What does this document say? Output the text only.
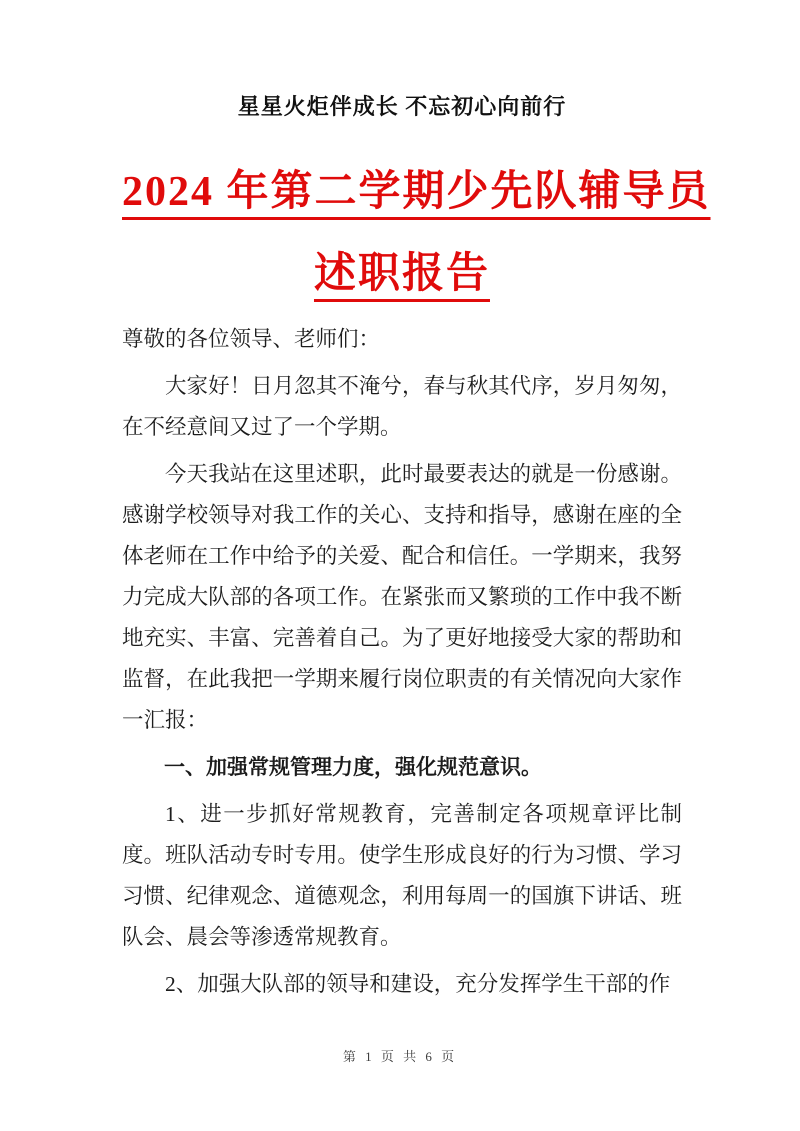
星星火炬伴成长 不忘初心向前行
2024 年第二学期少先队辅导员
述职报告

尊敬的各位领导、老师们：

大家好！日月忽其不淹兮，春与秋其代序，岁月匆匆，在不经意间又过了一个学期。

今天我站在这里述职，此时最要表达的就是一份感谢。感谢学校领导对我工作的关心、支持和指导，感谢在座的全体老师在工作中给予的关爱、配合和信任。一学期来，我努力完成大队部的各项工作。在紧张而又繁琐的工作中我不断地充实、丰富、完善着自己。为了更好地接受大家的帮助和监督，在此我把一学期来履行岗位职责的有关情况向大家作一汇报：

一、加强常规管理力度，强化规范意识。

1、进一步抓好常规教育，完善制定各项规章评比制度。班队活动专时专用。使学生形成良好的行为习惯、学习习惯、纪律观念、道德观念，利用每周一的国旗下讲话、班队会、晨会等渗透常规教育。

2、加强大队部的领导和建设，充分发挥学生干部的作

第 1 页 共 6 页
